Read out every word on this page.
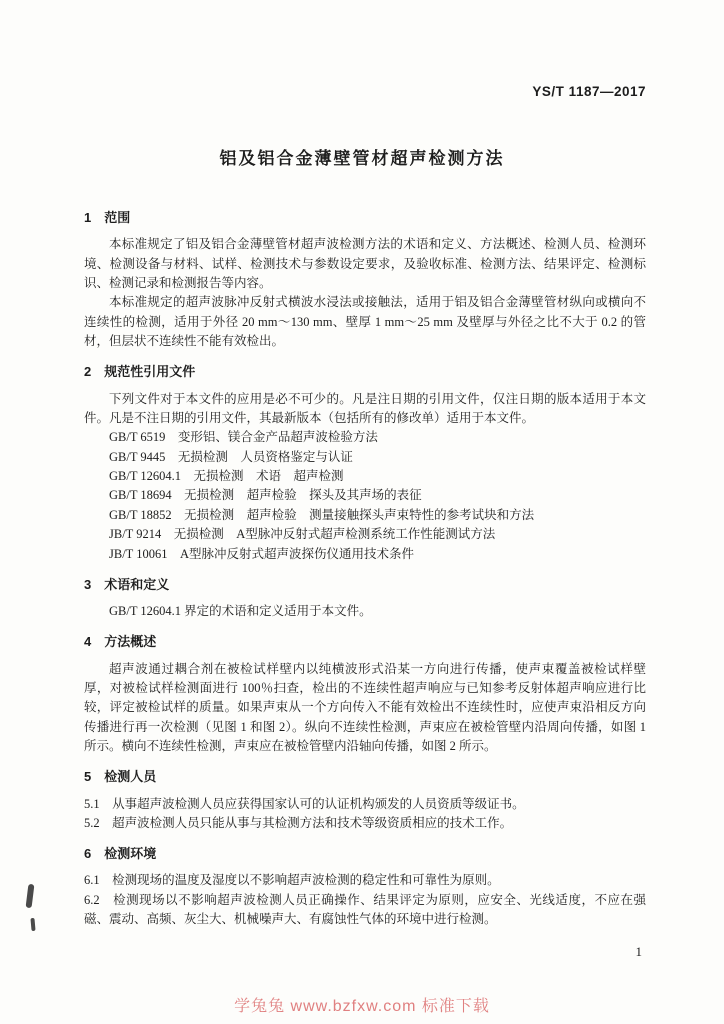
YS/T 1187—2017
铝及铝合金薄壁管材超声检测方法
1　范围

本标准规定了铝及铝合金薄壁管材超声波检测方法的术语和定义、方法概述、检测人员、检测环境、检测设备与材料、试样、检测技术与参数设定要求，及验收标准、检测方法、结果评定、检测标识、检测记录和检测报告等内容。

本标准规定的超声波脉冲反射式横波水浸法或接触法，适用于铝及铝合金薄壁管材纵向或横向不连续性的检测，适用于外径 20 mm～130 mm、壁厚 1 mm～25 mm 及壁厚与外径之比不大于 0.2 的管材，但层状不连续性不能有效检出。

2　规范性引用文件

下列文件对于本文件的应用是必不可少的。凡是注日期的引用文件，仅注日期的版本适用于本文件。凡是不注日期的引用文件，其最新版本（包括所有的修改单）适用于本文件。

GB/T 6519　变形铝、镁合金产品超声波检验方法

GB/T 9445　无损检测　人员资格鉴定与认证

GB/T 12604.1　无损检测　术语　超声检测

GB/T 18694　无损检测　超声检验　探头及其声场的表征

GB/T 18852　无损检测　超声检验　测量接触探头声束特性的参考试块和方法

JB/T 9214　无损检测　A型脉冲反射式超声检测系统工作性能测试方法

JB/T 10061　A型脉冲反射式超声波探伤仪通用技术条件

3　术语和定义

GB/T 12604.1 界定的术语和定义适用于本文件。

4　方法概述

超声波通过耦合剂在被检试样壁内以纯横波形式沿某一方向进行传播，使声束覆盖被检试样壁厚，对被检试样检测面进行 100％扫查，检出的不连续性超声响应与已知参考反射体超声响应进行比较，评定被检试样的质量。如果声束从一个方向传入不能有效检出不连续性时，应使声束沿相反方向传播进行再一次检测（见图 1 和图 2）。纵向不连续性检测，声束应在被检管壁内沿周向传播，如图 1 所示。横向不连续性检测，声束应在被检管壁内沿轴向传播，如图 2 所示。

5　检测人员

5.1　从事超声波检测人员应获得国家认可的认证机构颁发的人员资质等级证书。

5.2　超声波检测人员只能从事与其检测方法和技术等级资质相应的技术工作。

6　检测环境

6.1　检测现场的温度及湿度以不影响超声波检测的稳定性和可靠性为原则。

6.2　检测现场以不影响超声波检测人员正确操作、结果评定为原则，应安全、光线适度，不应在强磁、震动、高频、灰尘大、机械噪声大、有腐蚀性气体的环境中进行检测。

1
学兔兔 www.bzfxw.com 标准下载
